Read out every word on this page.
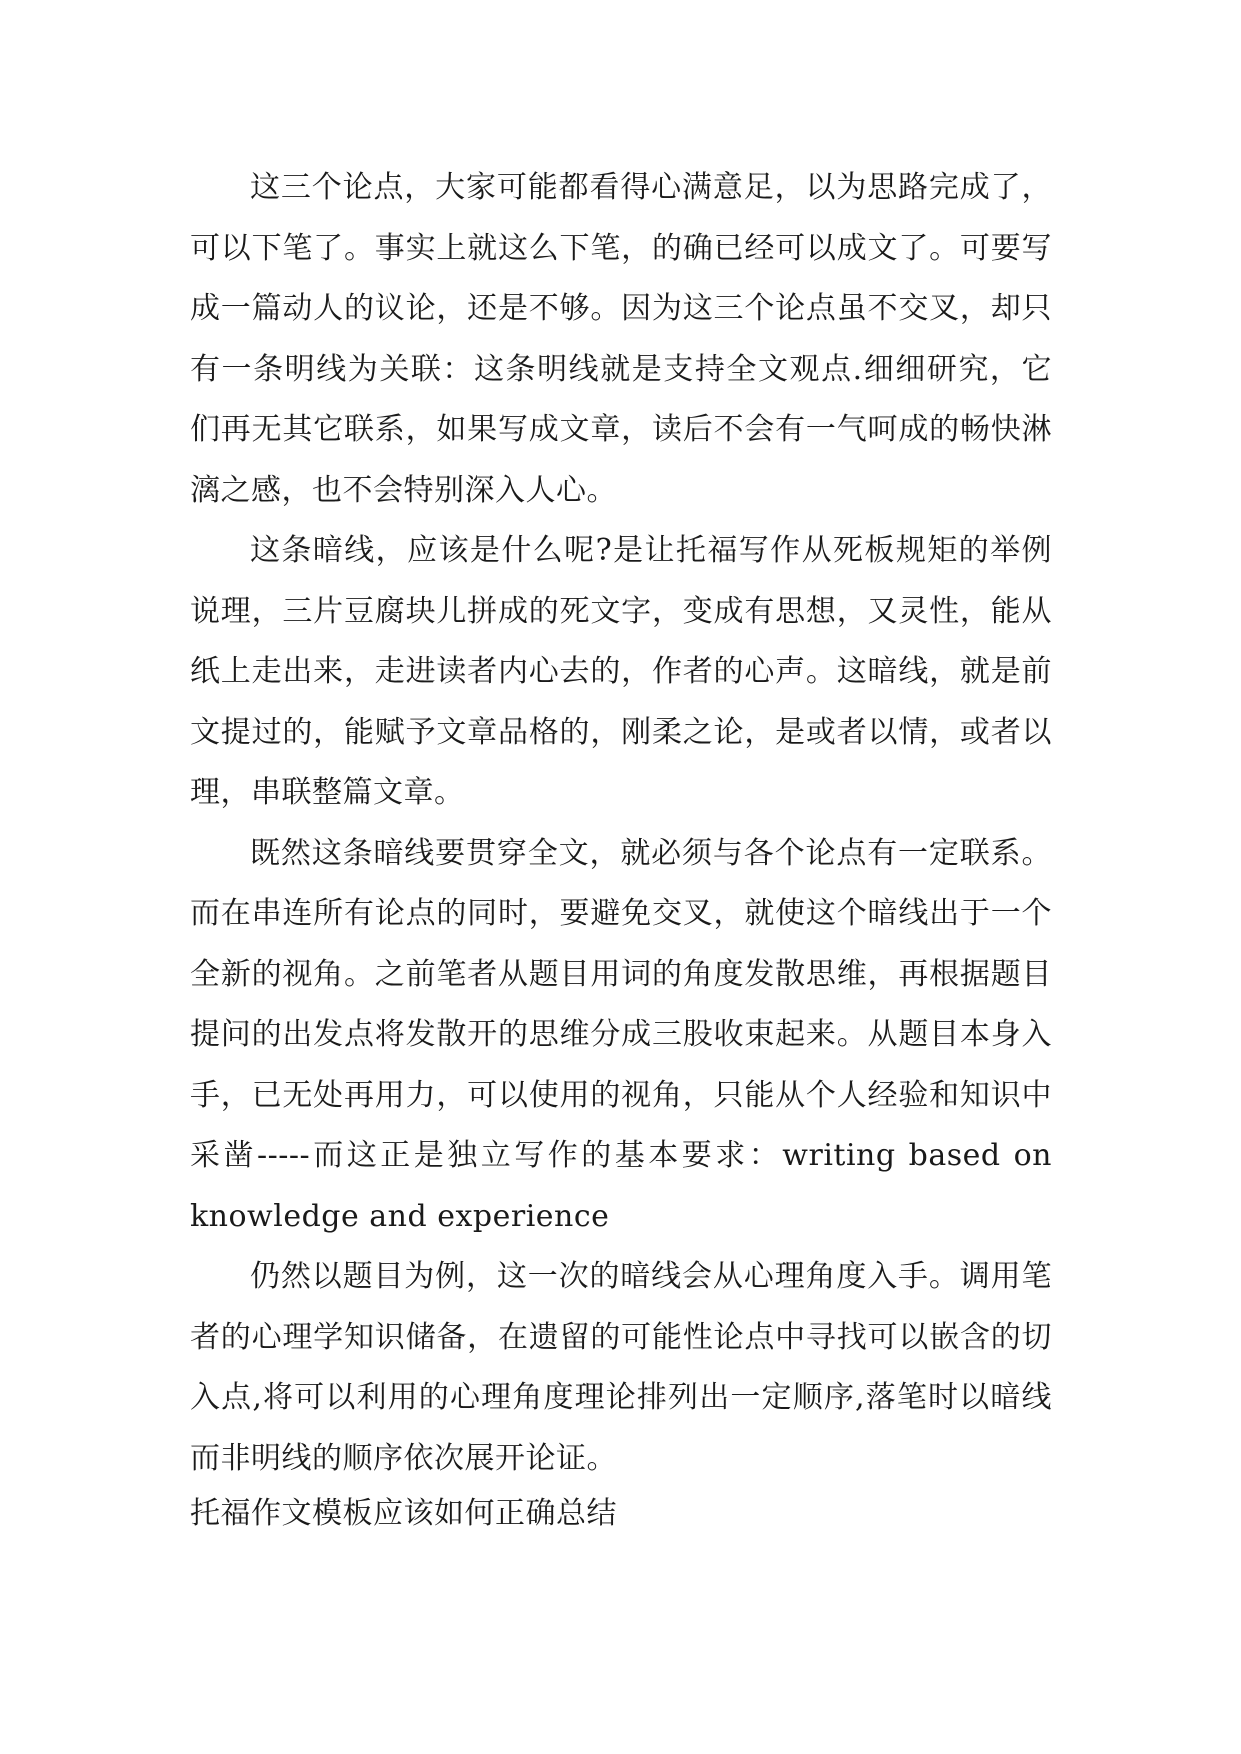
这三个论点，大家可能都看得心满意足，以为思路完成了，可以下笔了。事实上就这么下笔，的确已经可以成文了。可要写成一篇动人的议论，还是不够。因为这三个论点虽不交叉，却只有一条明线为关联：这条明线就是支持全文观点.细细研究，它们再无其它联系，如果写成文章，读后不会有一气呵成的畅快淋漓之感，也不会特别深入人心。

这条暗线，应该是什么呢?是让托福写作从死板规矩的举例说理，三片豆腐块儿拼成的死文字，变成有思想，又灵性，能从纸上走出来，走进读者内心去的，作者的心声。这暗线，就是前文提过的，能赋予文章品格的，刚柔之论，是或者以情，或者以理，串联整篇文章。

既然这条暗线要贯穿全文，就必须与各个论点有一定联系。而在串连所有论点的同时，要避免交叉，就使这个暗线出于一个全新的视角。之前笔者从题目用词的角度发散思维，再根据题目提问的出发点将发散开的思维分成三股收束起来。从题目本身入手，已无处再用力，可以使用的视角，只能从个人经验和知识中采凿-----而这正是独立写作的基本要求：writing based on knowledge and experience

仍然以题目为例，这一次的暗线会从心理角度入手。调用笔者的心理学知识储备，在遗留的可能性论点中寻找可以嵌含的切入点,将可以利用的心理角度理论排列出一定顺序,落笔时以暗线而非明线的顺序依次展开论证。

托福作文模板应该如何正确总结
